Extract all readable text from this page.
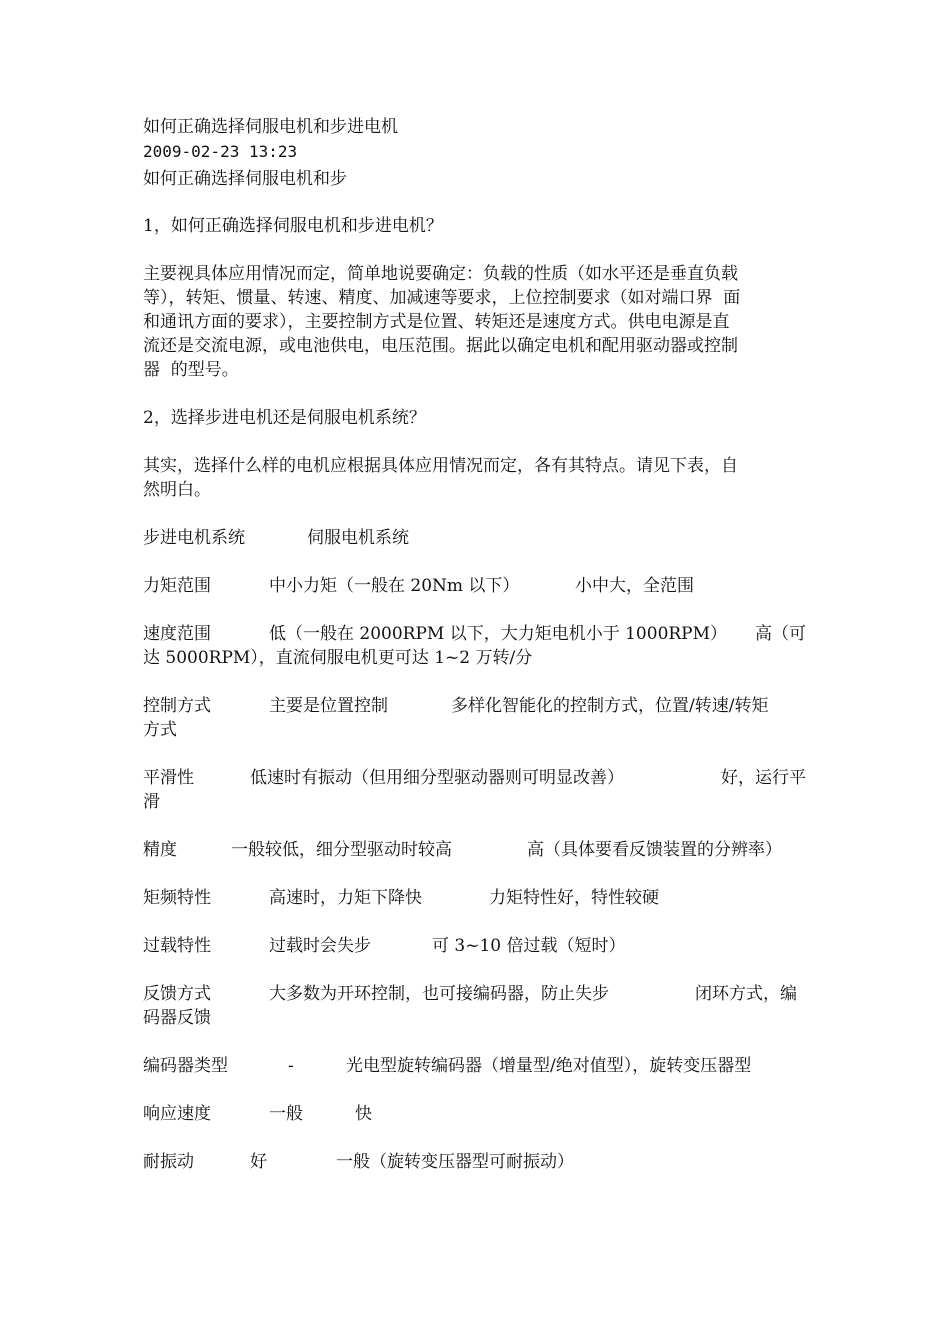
如何正确选择伺服电机和步进电机
2009-02-23 13:23
如何正确选择伺服电机和步
1，如何正确选择伺服电机和步进电机？
主要视具体应用情况而定，简单地说要确定：负载的性质（如水平还是垂直负载
等），转矩、惯量、转速、精度、加减速等要求，上位控制要求（如对端口界  面
和通讯方面的要求），主要控制方式是位置、转矩还是速度方式。供电电源是直
流还是交流电源，或电池供电，电压范围。据此以确定电机和配用驱动器或控制
器  的型号。
2，选择步进电机还是伺服电机系统？
其实，选择什么样的电机应根据具体应用情况而定，各有其特点。请见下表，自
然明白。
步进电机系统	伺服电机系统
力矩范围	中小力矩（一般在 20Nm 以下）	小中大，全范围
速度范围	低（一般在 2000RPM 以下，大力矩电机小于 1000RPM） 高（可
达 5000RPM），直流伺服电机更可达 1~2 万转/分
控制方式	主要是位置控制	多样化智能化的控制方式，位置/转速/转矩
方式
平滑性	低速时有振动（但用细分型驱动器则可明显改善）	好，运行平
滑
精度	一般较低，细分型驱动时较高	高（具体要看反馈装置的分辨率）
矩频特性	高速时，力矩下降快	力矩特性好，特性较硬
过载特性	过载时会失步	可 3~10 倍过载（短时）
反馈方式	大多数为开环控制，也可接编码器，防止失步	闭环方式，编
码器反馈
编码器类型	-	光电型旋转编码器（增量型/绝对值型），旋转变压器型
响应速度	一般	快
耐振动	好	一般（旋转变压器型可耐振动）
